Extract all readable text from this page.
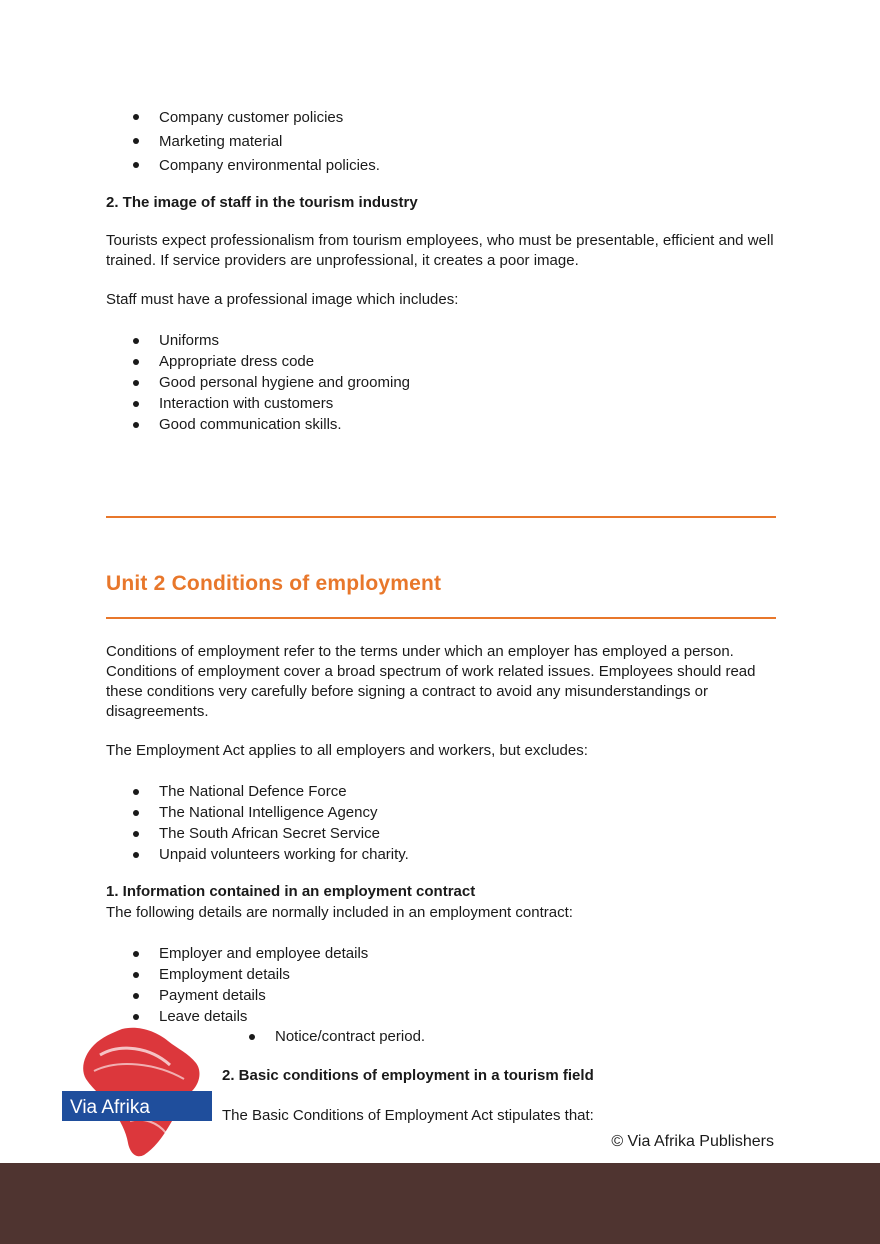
Company customer policies
Marketing material
Company environmental policies.

2. The image of staff in the tourism industry

Tourists expect professionalism from tourism employees, who must be presentable, efficient and well trained. If service providers are unprofessional, it creates a poor image.

Staff must have a professional image which includes:

Uniforms
Appropriate dress code
Good personal hygiene and grooming
Interaction with customers
Good communication skills.
Unit 2 Conditions of employment

Conditions of employment refer to the terms under which an employer has employed a person. Conditions of employment cover a broad spectrum of work related issues. Employees should read these conditions very carefully before signing a contract to avoid any misunderstandings or disagreements.

The Employment Act applies to all employers and workers, but excludes:

The National Defence Force
The National Intelligence Agency
The South African Secret Service
Unpaid volunteers working for charity.

1. Information contained in an employment contract

The following details are normally included in an employment contract:

Employer and employee details
Employment details
Payment details
Leave details
Notice/contract period.

2. Basic conditions of employment in a tourism field

The Basic Conditions of Employment Act stipulates that:

Via Afrika
© Via Afrika Publishers
